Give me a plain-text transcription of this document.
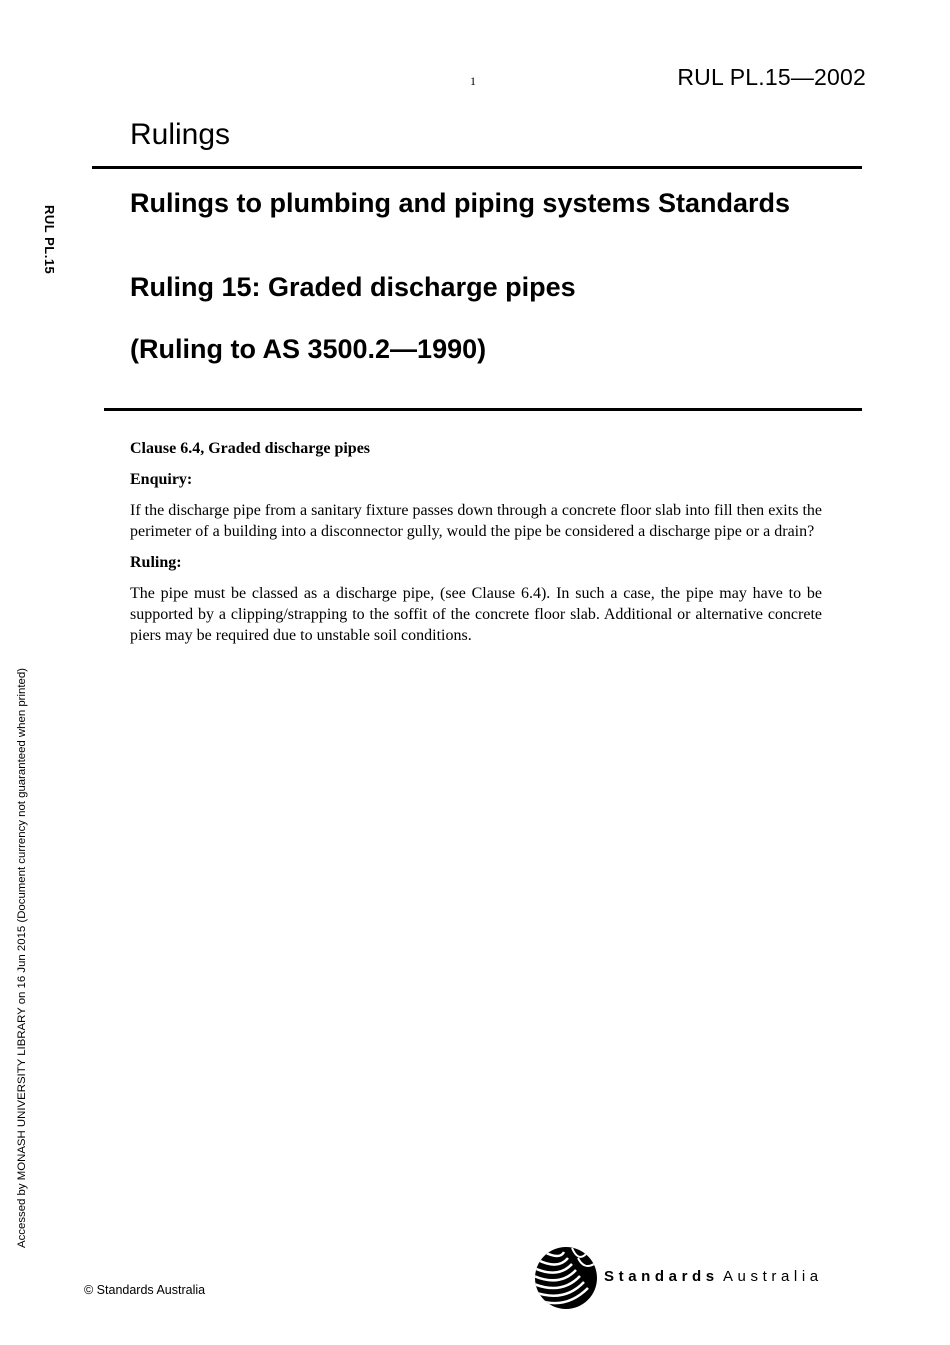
1	RUL PL.15—2002
Rulings
RUL PL.15
Accessed by MONASH UNIVERSITY LIBRARY on 16 Jun 2015 (Document currency not guaranteed when printed)
Rulings to plumbing and piping systems Standards
Ruling 15: Graded discharge pipes
(Ruling to AS 3500.2—1990)
Clause 6.4, Graded discharge pipes
Enquiry:

If the discharge pipe from a sanitary fixture passes down through a concrete floor slab into fill then exits the perimeter of a building into a disconnector gully, would the pipe be considered a discharge pipe or a drain?

Ruling:

The pipe must be classed as a discharge pipe, (see Clause 6.4). In such a case, the pipe may have to be supported by a clipping/strapping to the soffit of the concrete floor slab. Additional or alternative concrete piers may be required due to unstable soil conditions.

© Standards Australia
Standards Australia
